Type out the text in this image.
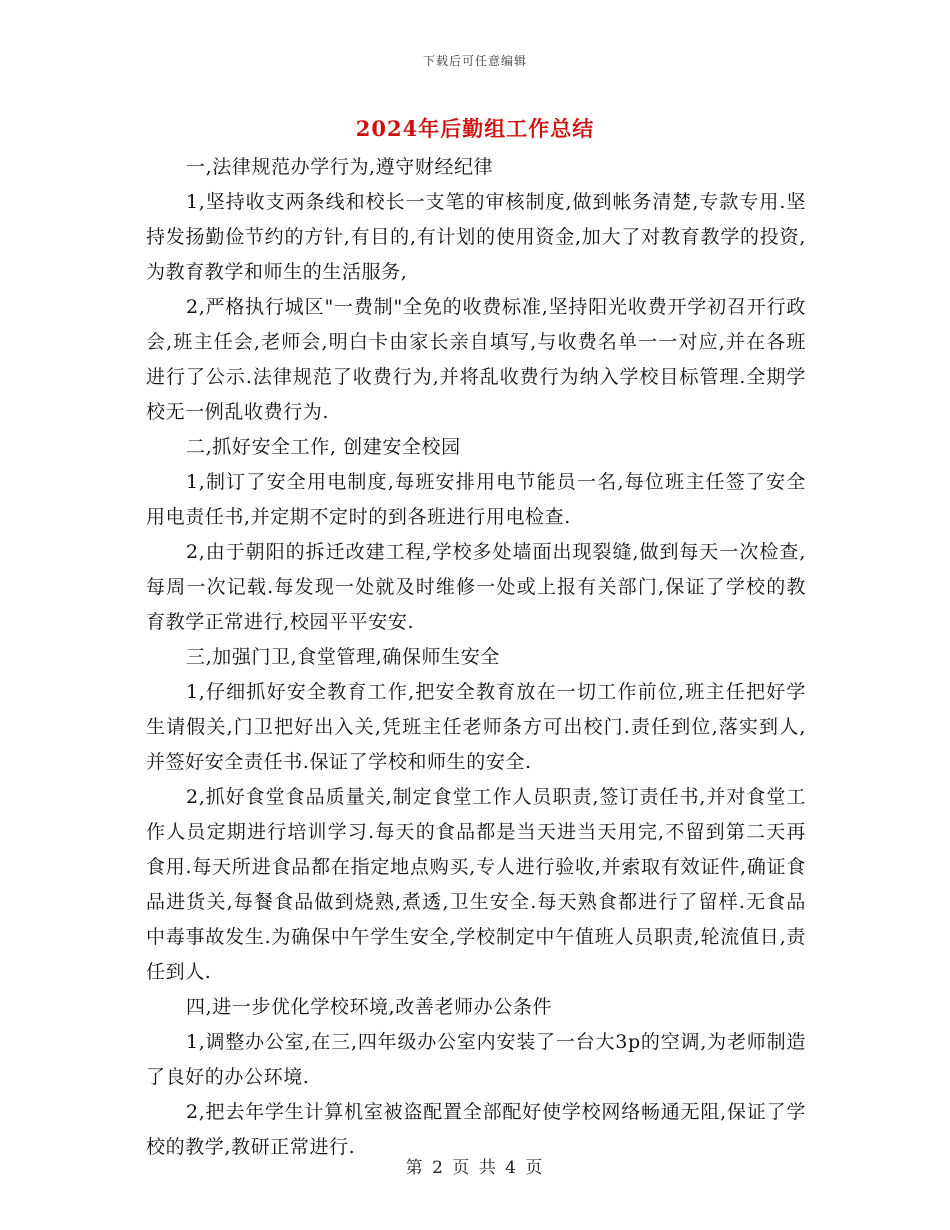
下载后可任意编辑
2024年后勤组工作总结

一,法律规范办学行为,遵守财经纪律

1,坚持收支两条线和校长一支笔的审核制度,做到帐务清楚,专款专用.坚持发扬勤俭节约的方针,有目的,有计划的使用资金,加大了对教育教学的投资,为教育教学和师生的生活服务,

2,严格执行城区"一费制"全免的收费标准,坚持阳光收费开学初召开行政会,班主任会,老师会,明白卡由家长亲自填写,与收费名单一一对应,并在各班进行了公示.法律规范了收费行为,并将乱收费行为纳入学校目标管理.全期学校无一例乱收费行为.

二,抓好安全工作, 创建安全校园

1,制订了安全用电制度,每班安排用电节能员一名,每位班主任签了安全用电责任书,并定期不定时的到各班进行用电检查.

2,由于朝阳的拆迁改建工程,学校多处墙面出现裂缝,做到每天一次检查,每周一次记载.每发现一处就及时维修一处或上报有关部门,保证了学校的教育教学正常进行,校园平平安安.

三,加强门卫,食堂管理,确保师生安全

1,仔细抓好安全教育工作,把安全教育放在一切工作前位,班主任把好学生请假关,门卫把好出入关,凭班主任老师条方可出校门.责任到位,落实到人,并签好安全责任书.保证了学校和师生的安全.

2,抓好食堂食品质量关,制定食堂工作人员职责,签订责任书,并对食堂工作人员定期进行培训学习.每天的食品都是当天进当天用完,不留到第二天再食用.每天所进食品都在指定地点购买,专人进行验收,并索取有效证件,确证食品进货关,每餐食品做到烧熟,煮透,卫生安全.每天熟食都进行了留样.无食品中毒事故发生.为确保中午学生安全,学校制定中午值班人员职责,轮流值日,责任到人.

四,进一步优化学校环境,改善老师办公条件

1,调整办公室,在三,四年级办公室内安装了一台大3p的空调,为老师制造了良好的办公环境.

2,把去年学生计算机室被盗配置全部配好使学校网络畅通无阻,保证了学校的教学,教研正常进行.

第 2 页 共 4 页
